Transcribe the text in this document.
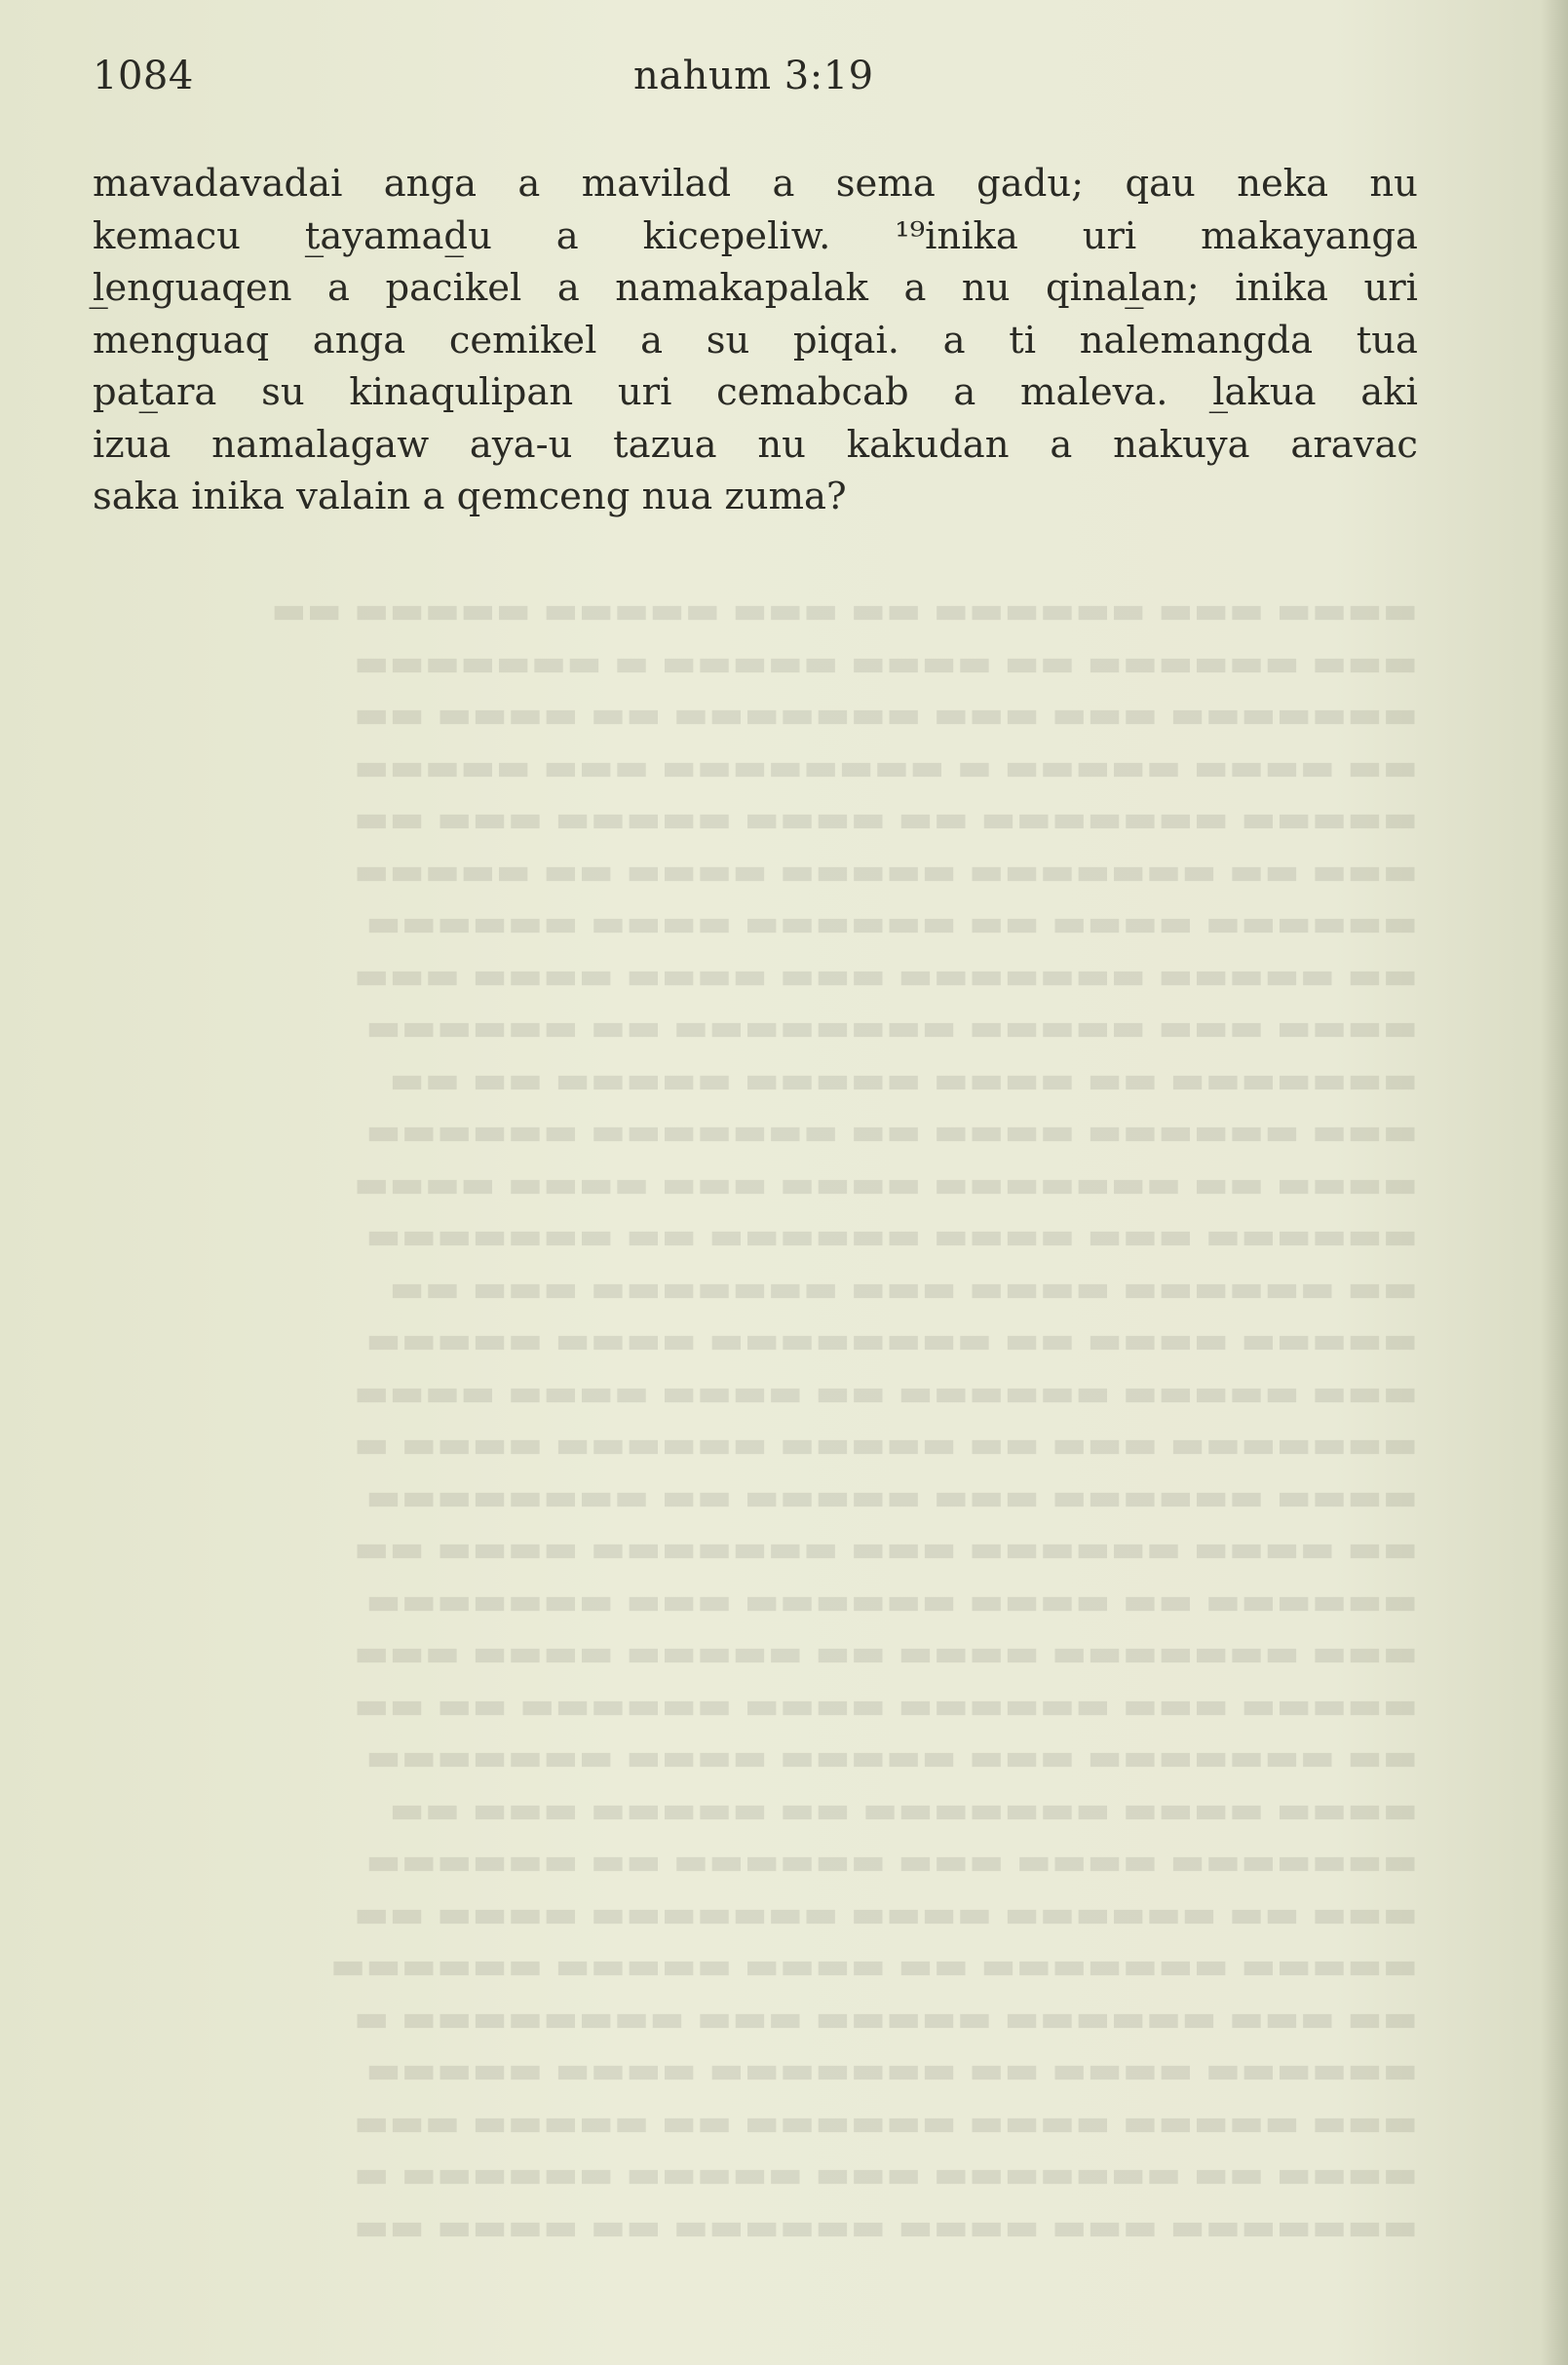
▬▬▬▬ ▬▬▬ ▬▬▬▬▬▬ ▬▬ ▬▬▬ ▬▬▬▬▬ ▬▬▬▬▬ ▬▬
▬▬▬ ▬▬▬▬▬▬ ▬▬ ▬▬▬▬ ▬▬▬▬▬ ▬ ▬▬▬▬▬▬▬
▬▬▬▬▬▬▬ ▬▬▬ ▬▬▬ ▬▬▬▬▬▬▬ ▬▬ ▬▬▬▬ ▬▬
▬▬ ▬▬▬▬ ▬▬▬▬▬ ▬ ▬▬▬▬▬▬▬▬ ▬▬▬ ▬▬▬▬▬
▬▬▬▬▬ ▬▬▬▬▬▬▬ ▬▬ ▬▬▬▬ ▬▬▬▬▬ ▬▬▬ ▬▬
▬▬▬ ▬▬ ▬▬▬▬▬▬▬ ▬▬▬▬▬ ▬▬▬▬ ▬▬ ▬▬▬▬▬
▬▬▬▬▬▬ ▬▬▬▬ ▬▬ ▬▬▬▬▬▬ ▬▬▬▬ ▬▬▬▬▬▬
▬▬ ▬▬▬▬▬ ▬▬▬▬▬▬▬ ▬▬▬ ▬▬▬▬ ▬▬▬▬ ▬▬▬
▬▬▬▬ ▬▬▬ ▬▬▬▬▬ ▬▬▬▬▬▬▬▬ ▬▬ ▬▬▬▬▬▬
▬▬▬▬▬▬▬ ▬▬ ▬▬▬▬ ▬▬▬▬▬ ▬▬▬▬▬ ▬▬ ▬▬
▬▬▬ ▬▬▬▬▬▬ ▬▬▬▬ ▬▬ ▬▬▬▬▬▬▬ ▬▬▬▬▬▬
▬▬▬▬ ▬▬ ▬▬▬▬▬▬▬ ▬▬▬▬ ▬▬▬ ▬▬▬▬ ▬▬▬▬
▬▬▬▬▬▬ ▬▬▬ ▬▬▬▬ ▬▬▬▬▬▬ ▬▬ ▬▬▬▬▬▬▬
▬▬ ▬▬▬▬▬▬ ▬▬▬▬ ▬▬▬ ▬▬▬▬▬▬▬ ▬▬▬ ▬▬
▬▬▬▬▬ ▬▬▬▬ ▬▬ ▬▬▬▬▬▬▬▬ ▬▬▬▬ ▬▬▬▬▬
▬▬▬ ▬▬▬▬▬ ▬▬▬▬▬▬ ▬▬ ▬▬▬▬ ▬▬▬▬ ▬▬▬▬
▬▬▬▬▬▬▬ ▬▬▬ ▬▬ ▬▬▬▬▬ ▬▬▬▬▬▬ ▬▬▬▬ ▬
▬▬▬▬ ▬▬▬▬▬▬ ▬▬▬ ▬▬▬▬▬ ▬▬ ▬▬▬▬▬▬▬▬
▬▬ ▬▬▬▬ ▬▬▬▬▬▬ ▬▬▬ ▬▬▬▬▬▬▬ ▬▬▬▬ ▬▬
▬▬▬▬▬▬ ▬▬ ▬▬▬▬ ▬▬▬▬▬▬ ▬▬▬ ▬▬▬▬▬▬▬
▬▬▬ ▬▬▬▬▬▬▬ ▬▬▬▬ ▬▬ ▬▬▬▬▬ ▬▬▬▬ ▬▬▬
▬▬▬▬▬ ▬▬▬ ▬▬▬▬▬▬ ▬▬▬▬ ▬▬▬▬▬▬ ▬▬ ▬▬
▬▬ ▬▬▬▬▬▬▬ ▬▬▬ ▬▬▬▬▬ ▬▬▬▬ ▬▬▬▬▬▬▬
▬▬▬▬ ▬▬▬▬ ▬▬▬▬▬▬▬ ▬▬ ▬▬▬▬▬ ▬▬▬ ▬▬
▬▬▬▬▬▬▬ ▬▬▬▬ ▬▬▬ ▬▬▬▬▬▬ ▬▬ ▬▬▬▬▬▬
▬▬▬ ▬▬ ▬▬▬▬▬▬ ▬▬▬▬ ▬▬▬▬▬▬▬ ▬▬▬▬ ▬▬
▬▬▬▬▬ ▬▬▬▬▬▬▬ ▬▬ ▬▬▬▬ ▬▬▬▬▬ ▬▬▬▬▬▬
▬▬ ▬▬▬ ▬▬▬▬▬▬ ▬▬▬▬▬ ▬▬▬ ▬▬▬▬▬▬▬▬ ▬
▬▬▬▬▬▬ ▬▬▬▬ ▬▬ ▬▬▬▬▬▬▬ ▬▬▬▬ ▬▬▬▬▬
▬▬▬ ▬▬▬▬▬ ▬▬▬▬ ▬▬▬▬▬▬ ▬▬ ▬▬▬▬▬ ▬▬▬
▬▬▬▬ ▬▬ ▬▬▬▬▬▬▬ ▬▬▬ ▬▬▬▬▬ ▬▬▬▬▬▬ ▬
▬▬▬▬▬▬▬ ▬▬▬ ▬▬▬▬ ▬▬▬▬▬▬ ▬▬ ▬▬▬▬ ▬▬
1084	nahum 3:19
mavadavadai anga a mavilad a sema gadu; qau neka nu
kemacu t̲ayamad̲u a kicepeliw. ¹⁹inika uri makayanga
l̲enguaqen a pacikel a namakapalak a nu qinal̲an; inika uri
menguaq anga cemikel a su piqai. a ti nalemangda tua
pat̲ara su kinaqulipan uri cemabcab a maleva. l̲akua aki
izua namalagaw aya-u tazua nu kakudan a nakuya aravac
saka inika valain a qemceng nua zuma?
